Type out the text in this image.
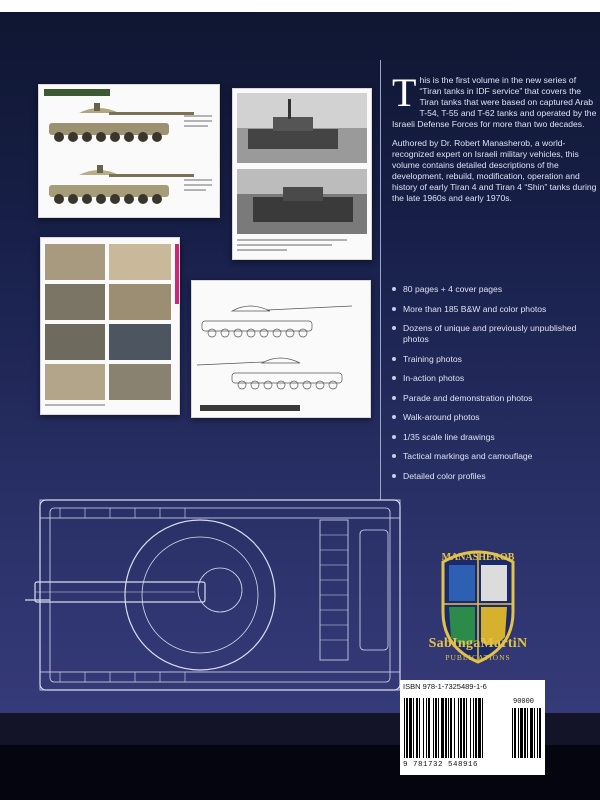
This is the first volume in the new series of “Tiran tanks in IDF service” that covers the Tiran tanks that were based on captured Arab T-54, T-55 and T-62 tanks and operated by the Israeli Defense Forces for more than two decades.

Authored by Dr. Robert Manasherob, a world-recognized expert on Israeli military vehicles, this volume contains detailed descriptions of the development, rebuild, modification, operation and history of early Tiran 4 and Tiran 4 “Shin” tanks during the late 1960s and early 1970s.

80 pages + 4 cover pages
More than 185 B&W and color photos
Dozens of unique and previously unpublished photos
Training photos
In-action photos
Parade and demonstration photos
Walk-around photos
1/35 scale line drawings
Tactical markings and camouflage
Detailed color profiles
MANASHEROB
SabIngaMartiN
PUBLICATIONS
ISBN 978-1-7325489-1-6
90000
9 781732 548916
